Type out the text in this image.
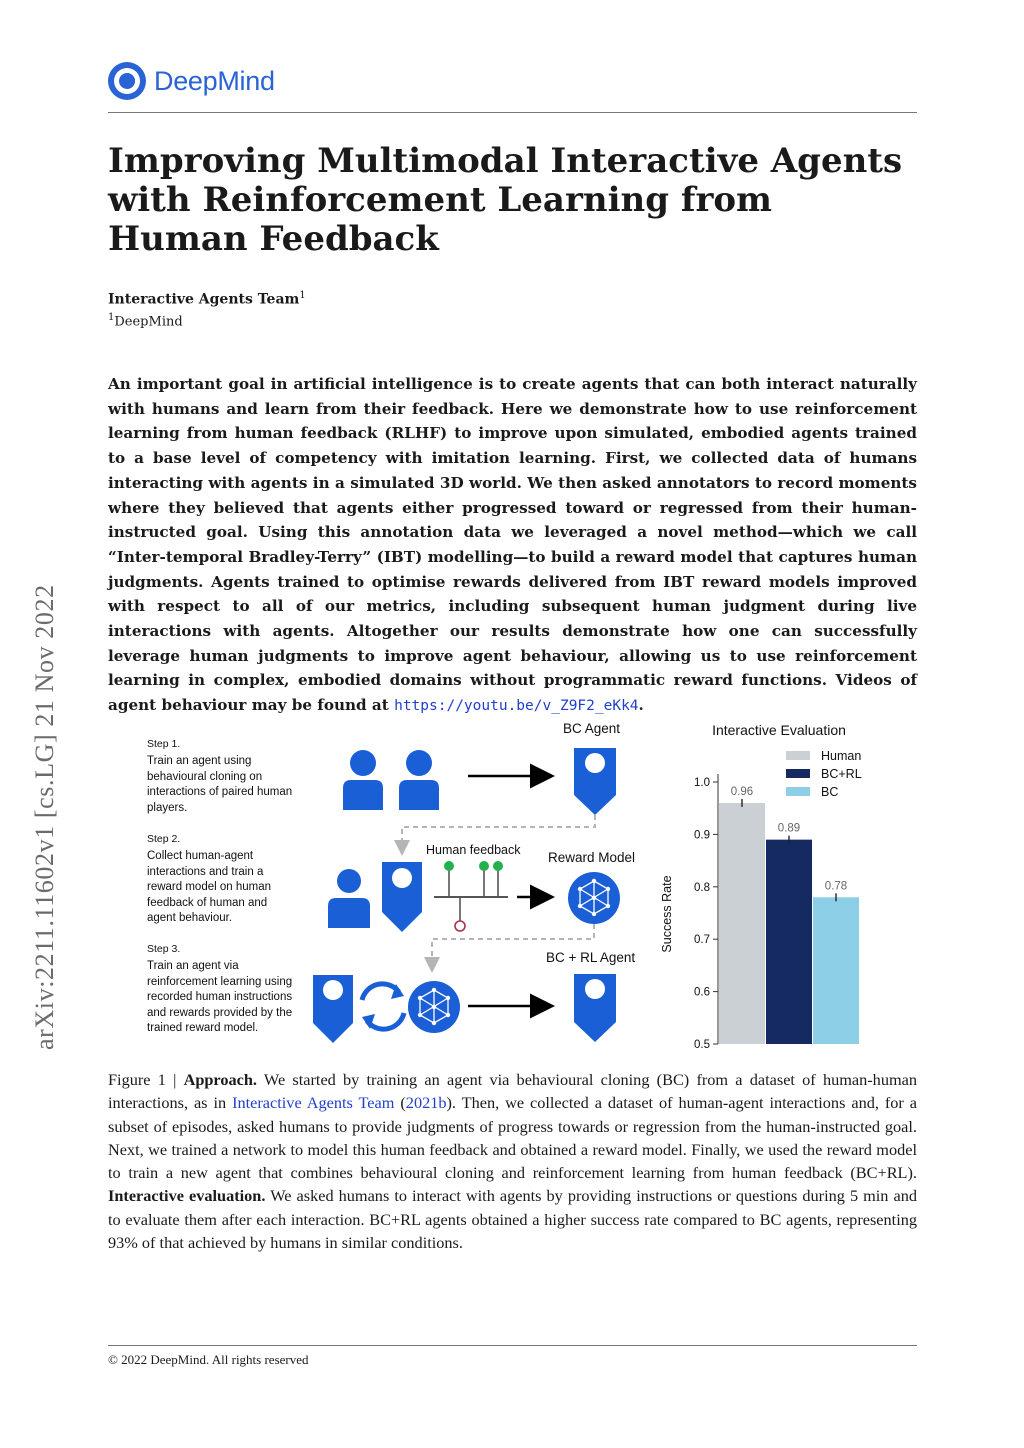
DeepMind
Improving Multimodal Interactive Agents with Reinforcement Learning from Human Feedback
Interactive Agents Team$^1$
$^1$DeepMind

An important goal in artificial intelligence is to create agents that can both interact naturally with humans and learn from their feedback. Here we demonstrate how to use reinforcement learning from human feedback (RLHF) to improve upon simulated, embodied agents trained to a base level of competency with imitation learning. First, we collected data of humans interacting with agents in a simulated 3D world. We then asked annotators to record moments where they believed that agents either progressed toward or regressed from their human-instructed goal. Using this annotation data we leveraged a novel method—which we call “Inter-temporal Bradley-Terry” (IBT) modelling—to build a reward model that captures human judgments. Agents trained to optimise rewards delivered from IBT reward models improved with respect to all of our metrics, including subsequent human judgment during live interactions with agents. Altogether our results demonstrate how one can successfully leverage human judgments to improve agent behaviour, allowing us to use reinforcement learning in complex, embodied domains without programmatic reward functions. Videos of agent behaviour may be found at https://youtu.be/v_Z9F2_eKk4.

arXiv:2211.11602v1 [cs.LG] 21 Nov 2022	Step 1.
Train an agent using behavioural cloning on interactions of paired human players.
Step 2.
Collect human-agent interactions and train a reward model on human feedback of human and agent behaviour.
Step 3.
Train an agent via reinforcement learning using recorded human instructions and rewards provided by the trained reward model.
BC Agent
Human feedback Reward Model
BC + RL Agent
Interactive Evaluation
0.5
0.6
0.7
0.8
0.9
1.0
0.96
0.89
0.78
Human
BC+RL
BC
Success Rate

Figure 1 | Approach. We started by training an agent via behavioural cloning (BC) from a dataset of human-human interactions, as in Interactive Agents Team (2021b). Then, we collected a dataset of human-agent interactions and, for a subset of episodes, asked humans to provide judgments of progress towards or regression from the human-instructed goal. Next, we trained a network to model this human feedback and obtained a reward model. Finally, we used the reward model to train a new agent that combines behavioural cloning and reinforcement learning from human feedback (BC+RL). Interactive evaluation. We asked humans to interact with agents by providing instructions or questions during 5 min and to evaluate them after each interaction. BC+RL agents obtained a higher success rate compared to BC agents, representing 93% of that achieved by humans in similar conditions.

© 2022 DeepMind. All rights reserved
